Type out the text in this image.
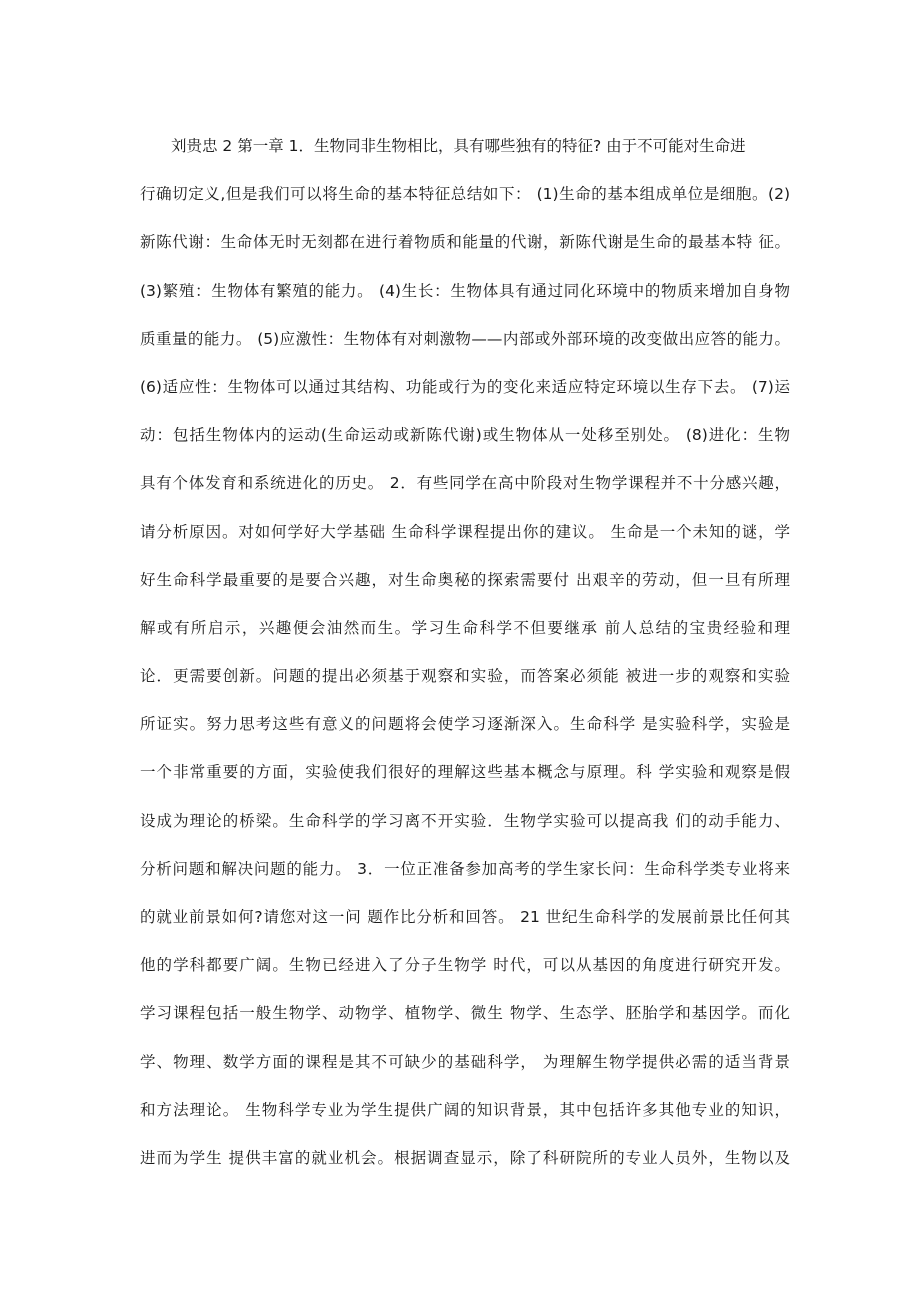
刘贵忠 2 第一章 1．生物同非生物相比，具有哪些独有的特征? 由于不可能对生命进
行确切定义,但是我们可以将生命的基本特征总结如下： (1)生命的基本组成单位是细胞。(2)
新陈代谢：生命体无时无刻都在进行着物质和能量的代谢，新陈代谢是生命的最基本特 征。
(3)繁殖：生物体有繁殖的能力。 (4)生长：生物体具有通过同化环境中的物质来增加自身物
质重量的能力。 (5)应激性：生物体有对刺激物——内部或外部环境的改变做出应答的能力。
(6)适应性：生物体可以通过其结构、功能或行为的变化来适应特定环境以生存下去。 (7)运
动：包括生物体内的运动(生命运动或新陈代谢)或生物体从一处移至别处。 (8)进化：生物
具有个体发育和系统进化的历史。 2．有些同学在高中阶段对生物学课程并不十分感兴趣，
请分析原因。对如何学好大学基础 生命科学课程提出你的建议。 生命是一个未知的谜，学
好生命科学最重要的是要合兴趣，对生命奥秘的探索需要付 出艰辛的劳动，但一旦有所理
解或有所启示，兴趣便会油然而生。学习生命科学不但要继承 前人总结的宝贵经验和理
论．更需要创新。问题的提出必须基于观察和实验，而答案必须能 被进一步的观察和实验
所证实。努力思考这些有意义的问题将会使学习逐渐深入。生命科学 是实验科学，实验是
一个非常重要的方面，实验使我们很好的理解这些基本概念与原理。科 学实验和观察是假
设成为理论的桥梁。生命科学的学习离不开实验．生物学实验可以提高我 们的动手能力、
分析问题和解决问题的能力。 3．一位正准备参加高考的学生家长问：生命科学类专业将来
的就业前景如何?请您对这一问 题作比分析和回答。 21 世纪生命科学的发展前景比任何其
他的学科都要广阔。生物已经进入了分子生物学 时代，可以从基因的角度进行研究开发。
学习课程包括一般生物学、动物学、植物学、微生 物学、生态学、胚胎学和基因学。而化
学、物理、数学方面的课程是其不可缺少的基础科学， 为理解生物学提供必需的适当背景
和方法理论。 生物科学专业为学生提供广阔的知识背景，其中包括许多其他专业的知识，
进而为学生 提供丰富的就业机会。根据调查显示，除了科研院所的专业人员外，生物以及
